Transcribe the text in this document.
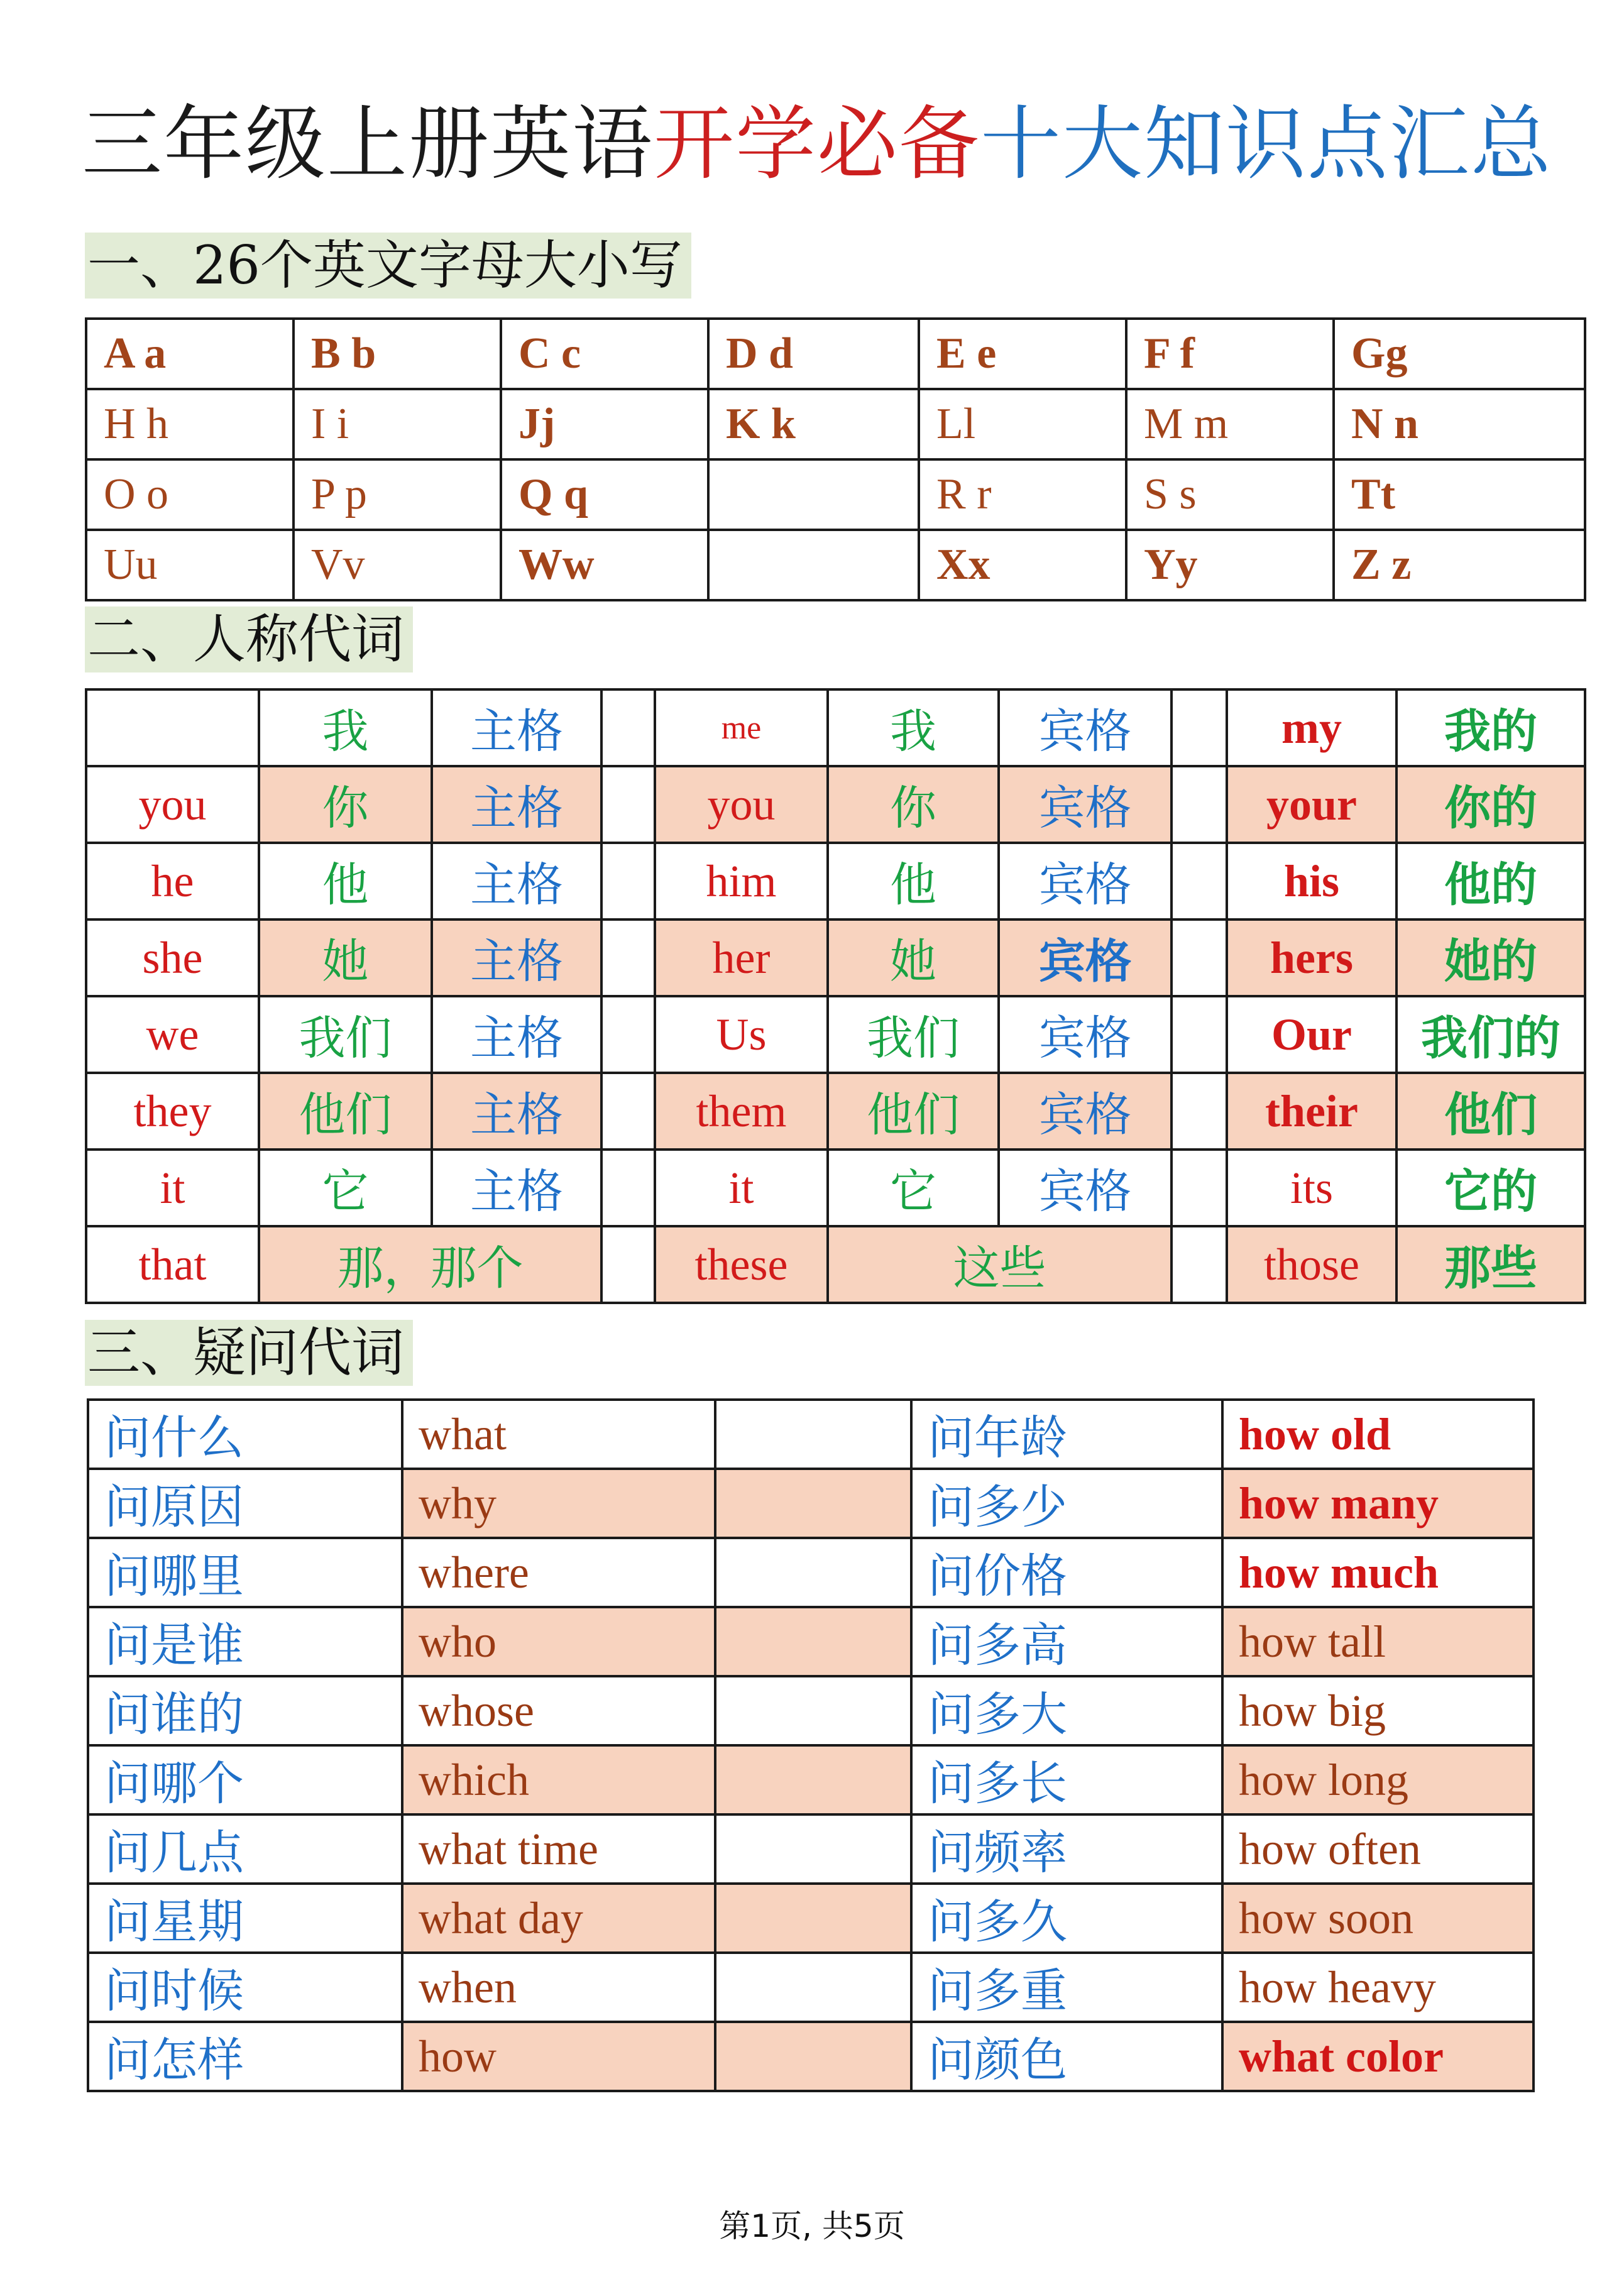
三年级上册英语开学必备十大知识点汇总
一、26个英文字母大小写
A a	B b	C c	D d	E e	F f	Gg
H h	I i	Jj	K k	Ll	M m	N n
O o	P p	Q q		R r	S s	Tt
Uu	Vv	Ww		Xx	Yy	Z z
二、人称代词
	我	主格		me	我	宾格		my	我的
you	你	主格		you	你	宾格		your	你的
he	他	主格		him	他	宾格		his	他的
she	她	主格		her	她	宾格		hers	她的
we	我们	主格		Us	我们	宾格		Our	我们的
they	他们	主格		them	他们	宾格		their	他们
it	它	主格		it	它	宾格		its	它的
that	那，那个			these	这些			those	那些
三、疑问代词
问什么	what		问年龄	how old
问原因	why		问多少	how many
问哪里	where		问价格	how much
问是谁	who		问多高	how tall
问谁的	whose		问多大	how big
问哪个	which		问多长	how long
问几点	what time		问频率	how often
问星期	what day		问多久	how soon
问时候	when		问多重	how heavy
问怎样	how		问颜色	what color
第1页, 共5页
